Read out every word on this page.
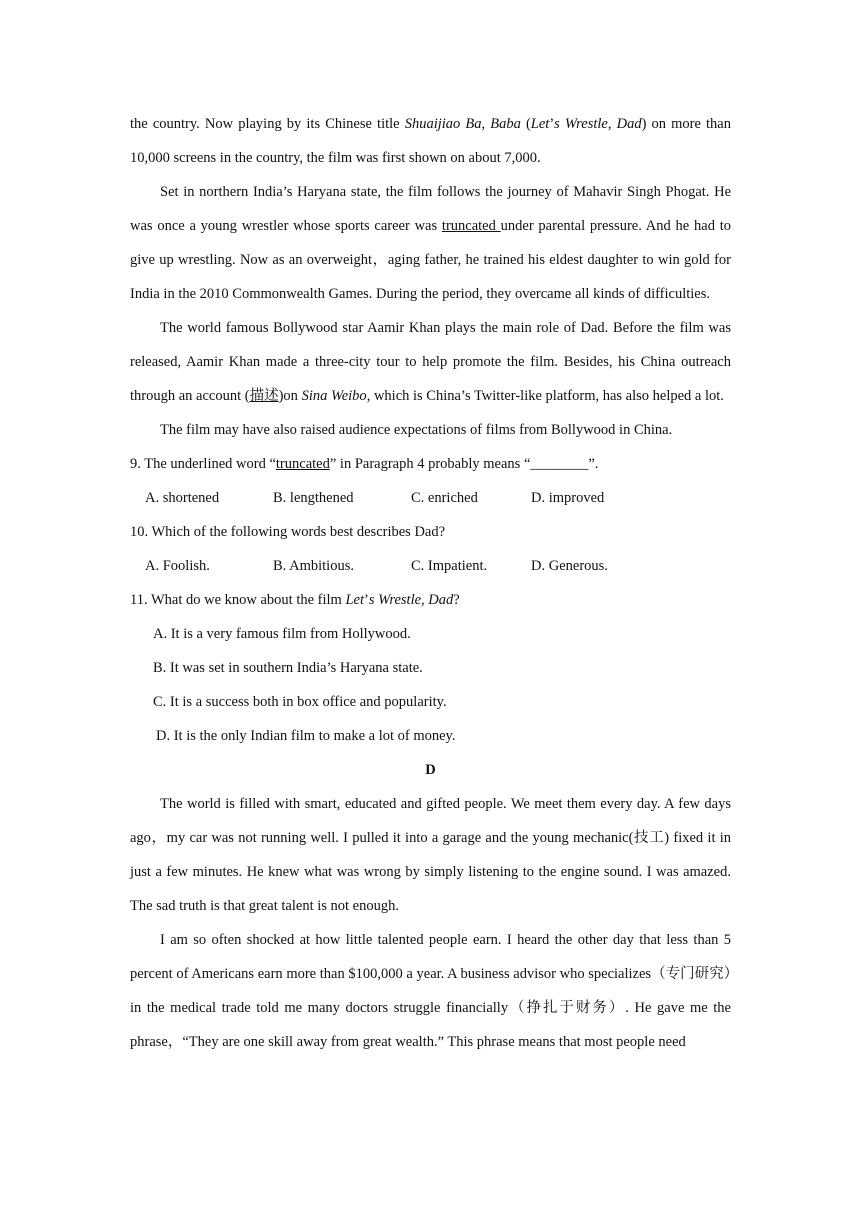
the country. Now playing by its Chinese title Shuaijiao Ba, Baba (Let’s Wrestle, Dad) on more than 10,000 screens in the country, the film was first shown on about 7,000.

Set in northern India’s Haryana state, the film follows the journey of Mahavir Singh Phogat. He was once a young wrestler whose sports career was truncated under parental pressure. And he had to give up wrestling. Now as an overweight，aging father, he trained his eldest daughter to win gold for India in the 2010 Commonwealth Games. During the period, they overcame all kinds of difficulties.

The world famous Bollywood star Aamir Khan plays the main role of Dad. Before the film was released, Aamir Khan made a three-city tour to help promote the film. Besides, his China outreach through an account (描述)on Sina Weibo, which is China’s Twitter-like platform, has also helped a lot.

The film may have also raised audience expectations of films from Bollywood in China.

9. The underlined word “truncated” in Paragraph 4 probably means “________”.

A. shortened	B. lengthened	C. enriched	D. improved

10. Which of the following words best describes Dad?

A. Foolish.	B. Ambitious.	C. Impatient.	D. Generous.

11. What do we know about the film Let’s Wrestle, Dad?

A. It is a very famous film from Hollywood.

B. It was set in southern India’s Haryana state.

C. It is a success both in box office and popularity.

D. It is the only Indian film to make a lot of money.

D

The world is filled with smart, educated and gifted people. We meet them every day. A few days ago，my car was not running well. I pulled it into a garage and the young mechanic(技工) fixed it in just a few minutes. He knew what was wrong by simply listening to the engine sound. I was amazed. The sad truth is that great talent is not enough.

I am so often shocked at how little talented people earn. I heard the other day that less than 5 percent of Americans earn more than $100,000 a year. A business advisor who specializes（专门研究）in the medical trade told me many doctors struggle financially（挣扎于财务）. He gave me the phrase，“They are one skill away from great wealth.” This phrase means that most people need
